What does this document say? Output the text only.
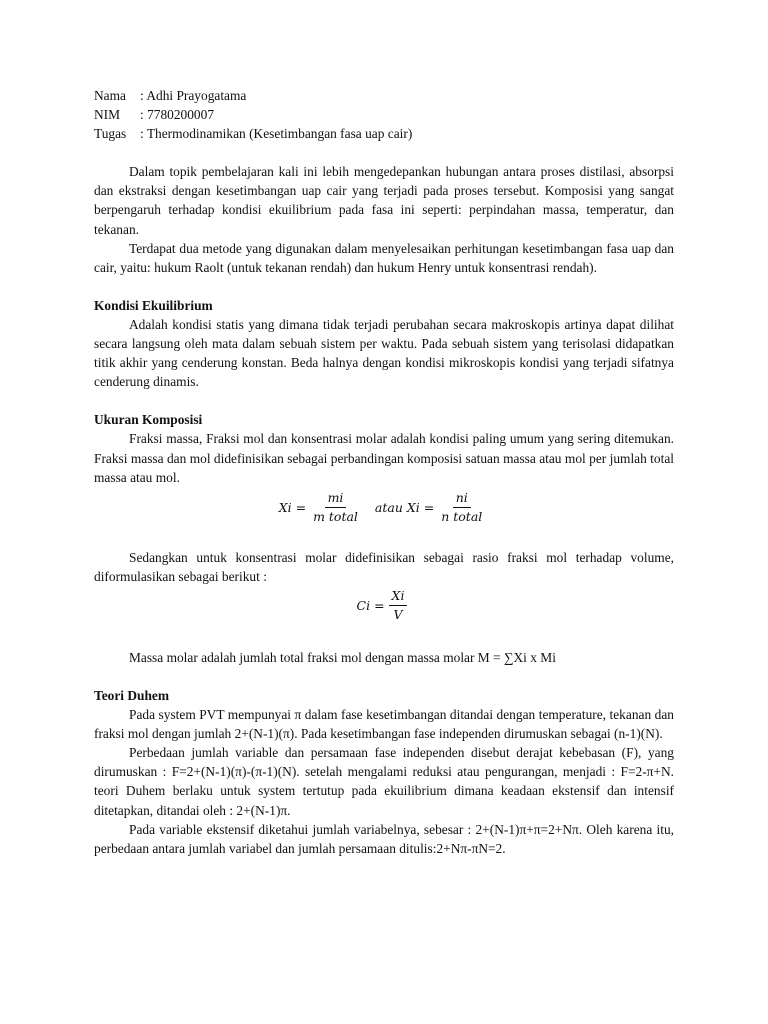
Nama	: Adhi Prayogatama
NIM	: 7780200007
Tugas	: Thermodinamikan (Kesetimbangan fasa uap cair)

Dalam topik pembelajaran kali ini lebih mengedepankan hubungan antara proses distilasi, absorpsi dan ekstraksi dengan kesetimbangan uap cair yang terjadi pada proses tersebut. Komposisi yang sangat berpengaruh terhadap kondisi ekuilibrium pada fasa ini seperti: perpindahan massa, temperatur, dan tekanan.

Terdapat dua metode yang digunakan dalam menyelesaikan perhitungan kesetimbangan fasa uap dan cair, yaitu: hukum Raolt (untuk tekanan rendah) dan hukum Henry untuk konsentrasi rendah).

Kondisi Ekuilibrium

Adalah kondisi statis yang dimana tidak terjadi perubahan secara makroskopis artinya dapat dilihat secara langsung oleh mata dalam sebuah sistem per waktu. Pada sebuah sistem yang terisolasi didapatkan titik akhir yang cenderung konstan. Beda halnya dengan kondisi mikroskopis kondisi yang terjadi sifatnya cenderung dinamis.

Ukuran Komposisi

Fraksi massa, Fraksi mol dan konsentrasi molar adalah kondisi paling umum yang sering ditemukan. Fraksi massa dan mol didefinisikan sebagai perbandingan komposisi satuan massa atau mol per jumlah total massa atau mol.

$Xi = \frac{mi}{\text{m total}}$ atau $Xi = \frac{ni}{\text{n total}}$

Sedangkan untuk konsentrasi molar didefinisikan sebagai rasio fraksi mol terhadap volume, diformulasikan sebagai berikut :

$Ci = \frac{Xi}{V}$

Massa molar adalah jumlah total fraksi mol dengan massa molar M = ∑Xi x Mi

Teori Duhem

Pada system PVT mempunyai π dalam fase kesetimbangan ditandai dengan temperature, tekanan dan fraksi mol dengan jumlah 2+(N-1)(π). Pada kesetimbangan fase independen dirumuskan sebagai (n-1)(N).

Perbedaan jumlah variable dan persamaan fase independen disebut derajat kebebasan (F), yang dirumuskan : F=2+(N-1)(π)-(π-1)(N). setelah mengalami reduksi atau pengurangan, menjadi : F=2-π+N. teori Duhem berlaku untuk system tertutup pada ekuilibrium dimana keadaan ekstensif dan intensif ditetapkan, ditandai oleh : 2+(N-1)π.

Pada variable ekstensif diketahui jumlah variabelnya, sebesar : 2+(N-1)π+π=2+Nπ. Oleh karena itu, perbedaan antara jumlah variabel dan jumlah persamaan ditulis:2+Nπ-πN=2.
